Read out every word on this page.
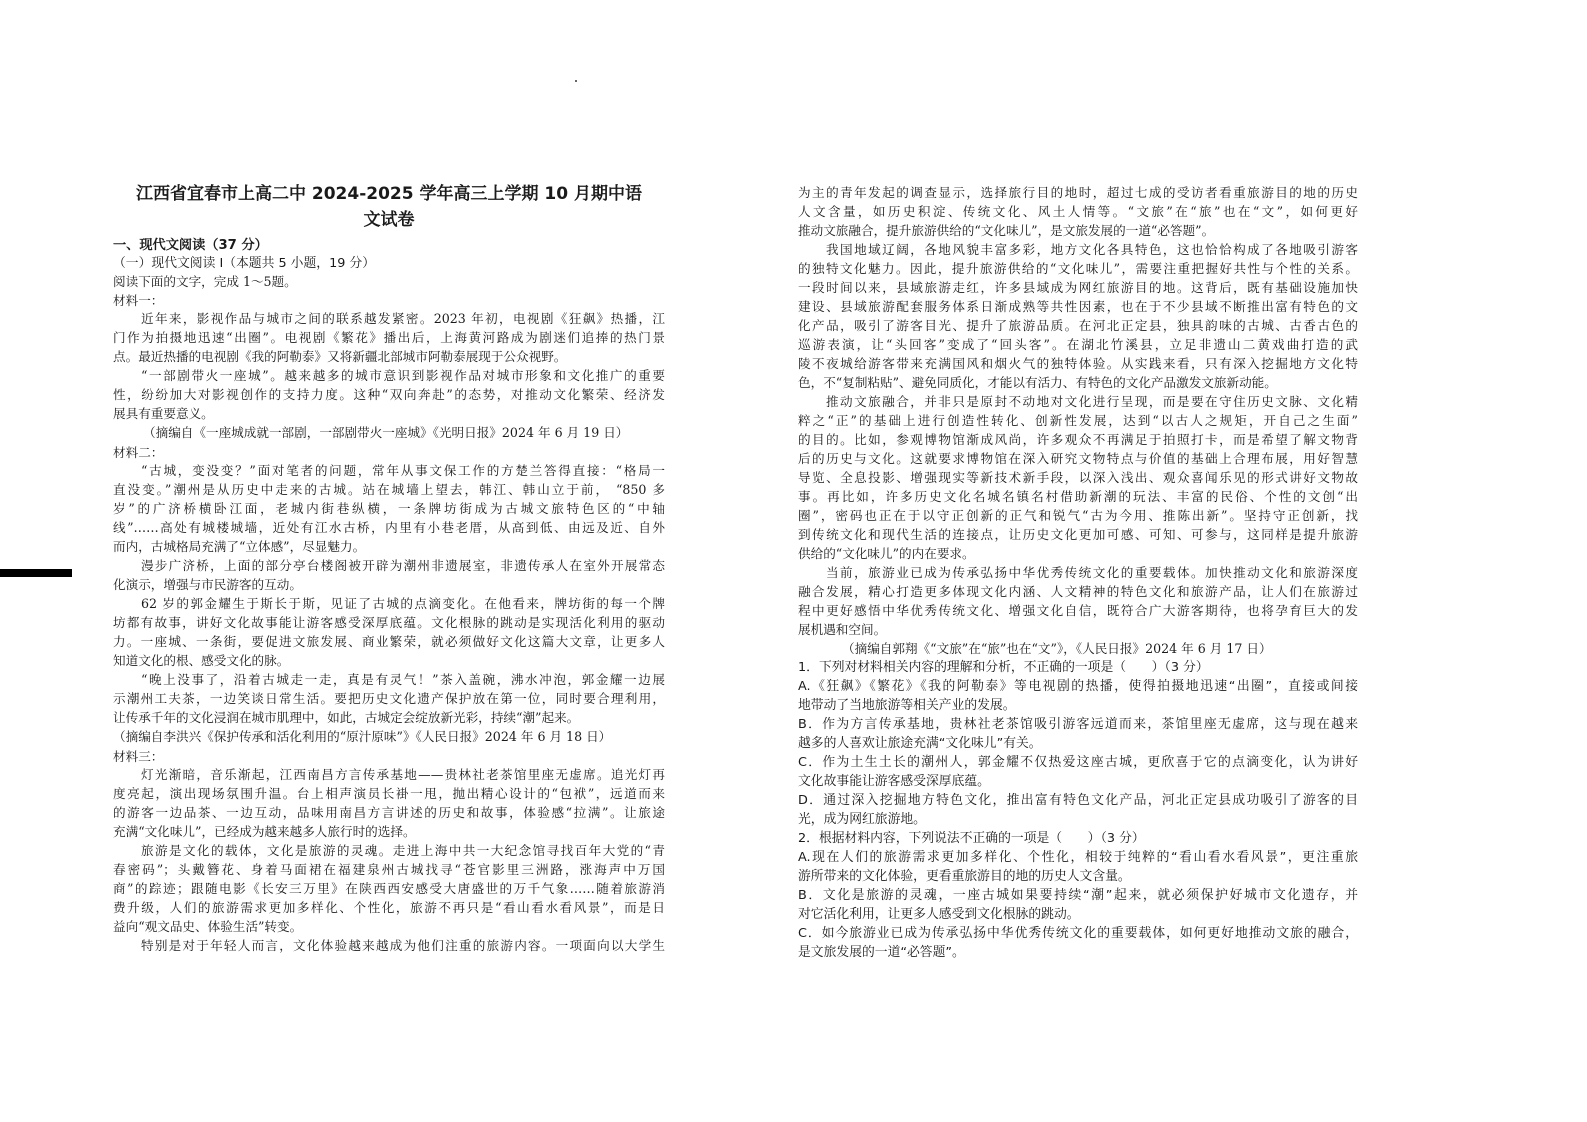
江西省宜春市上高二中 2024-2025 学年高三上学期 10 月期中语
文试卷
一、现代文阅读（37 分）
（一）现代文阅读 I（本题共 5 小题，19 分）
阅读下面的文字，完成 1～5题。
材料一：
近年来，影视作品与城市之间的联系越发紧密。2023 年初，电视剧《狂飙》热播，江
门作为拍摄地迅速“出圈”。电视剧《繁花》播出后，上海黄河路成为剧迷们追捧的热门景
点。最近热播的电视剧《我的阿勒泰》又将新疆北部城市阿勒泰展现于公众视野。
“一部剧带火一座城”。越来越多的城市意识到影视作品对城市形象和文化推广的重要
性，纷纷加大对影视创作的支持力度。这种“双向奔赴”的态势，对推动文化繁荣、经济发
展具有重要意义。
（摘编自《一座城成就一部剧，一部剧带火一座城》《光明日报》2024 年 6 月 19 日）
材料二：
“古城，变没变？”面对笔者的问题，常年从事文保工作的方楚兰答得直接：“格局一
直没变。”潮州是从历史中走来的古城。站在城墙上望去，韩江、韩山立于前， “850 多
岁”的广济桥横卧江面，老城内街巷纵横，一条牌坊街成为古城文旅特色区的“中轴
线”……高处有城楼城墙，近处有江水古桥，内里有小巷老厝，从高到低、由远及近、自外
而内，古城格局充满了“立体感”，尽显魅力。
漫步广济桥，上面的部分亭台楼阁被开辟为潮州非遗展室，非遗传承人在室外开展常态
化演示，增强与市民游客的互动。
62 岁的郭金耀生于斯长于斯，见证了古城的点滴变化。在他看来，牌坊街的每一个牌
坊都有故事，讲好文化故事能让游客感受深厚底蕴。文化根脉的跳动是实现活化利用的驱动
力。一座城、一条街，要促进文旅发展、商业繁荣，就必须做好文化这篇大文章，让更多人
知道文化的根、感受文化的脉。
“晚上没事了，沿着古城走一走，真是有灵气！”茶入盖碗，沸水冲泡，郭金耀一边展
示潮州工夫茶，一边笑谈日常生活。要把历史文化遗产保护放在第一位，同时要合理利用，
让传承千年的文化浸润在城市肌理中，如此，古城定会绽放新光彩，持续“潮”起来。
（摘编自李洪兴《保护传承和活化利用的“原汁原味”》《人民日报》2024 年 6 月 18 日）
材料三：
灯光渐暗，音乐渐起，江西南昌方言传承基地——贵林社老茶馆里座无虚席。追光灯再
度亮起，演出现场氛围升温。台上相声演员长褂一甩，抛出精心设计的“包袱”，远道而来
的游客一边品茶、一边互动，品味用南昌方言讲述的历史和故事，体验感“拉满”。让旅途
充满“文化味儿”，已经成为越来越多人旅行时的选择。
旅游是文化的载体，文化是旅游的灵魂。走进上海中共一大纪念馆寻找百年大党的“青
春密码”；头戴簪花、身着马面裙在福建泉州古城找寻“苍官影里三洲路，涨海声中万国
商”的踪迹；跟随电影《长安三万里》在陕西西安感受大唐盛世的万千气象……随着旅游消
费升级，人们的旅游需求更加多样化、个性化，旅游不再只是“看山看水看风景”，而是日
益向“观文品史、体验生活”转变。
特别是对于年轻人而言，文化体验越来越成为他们注重的旅游内容。一项面向以大学生
为主的青年发起的调查显示，选择旅行目的地时，超过七成的受访者看重旅游目的地的历史
人文含量，如历史积淀、传统文化、风土人情等。“文旅”在“旅”也在“文”，如何更好
推动文旅融合，提升旅游供给的“文化味儿”，是文旅发展的一道“必答题”。
我国地域辽阔，各地风貌丰富多彩，地方文化各具特色，这也恰恰构成了各地吸引游客
的独特文化魅力。因此，提升旅游供给的“文化味儿”，需要注重把握好共性与个性的关系。
一段时间以来，县域旅游走红，许多县域成为网红旅游目的地。这背后，既有基础设施加快
建设、县域旅游配套服务体系日渐成熟等共性因素，也在于不少县域不断推出富有特色的文
化产品，吸引了游客目光、提升了旅游品质。在河北正定县，独具韵味的古城、古香古色的
巡游表演，让“头回客”变成了“回头客”。在湖北竹溪县，立足非遗山二黄戏曲打造的武
陵不夜城给游客带来充满国风和烟火气的独特体验。从实践来看，只有深入挖掘地方文化特
色，不“复制粘贴”、避免同质化，才能以有活力、有特色的文化产品激发文旅新动能。
推动文旅融合，并非只是原封不动地对文化进行呈现，而是要在守住历史文脉、文化精
粹之“正”的基础上进行创造性转化、创新性发展，达到“以古人之规矩，开自己之生面”
的目的。比如，参观博物馆渐成风尚，许多观众不再满足于拍照打卡，而是希望了解文物背
后的历史与文化。这就要求博物馆在深入研究文物特点与价值的基础上合理布展，用好智慧
导览、全息投影、增强现实等新技术新手段，以深入浅出、观众喜闻乐见的形式讲好文物故
事。再比如，许多历史文化名城名镇名村借助新潮的玩法、丰富的民俗、个性的文创“出
圈”，密码也正在于以守正创新的正气和锐气“古为今用、推陈出新”。坚持守正创新，找
到传统文化和现代生活的连接点，让历史文化更加可感、可知、可参与，这同样是提升旅游
供给的“文化味儿”的内在要求。
当前，旅游业已成为传承弘扬中华优秀传统文化的重要载体。加快推动文化和旅游深度
融合发展，精心打造更多体现文化内涵、人文精神的特色文化和旅游产品，让人们在旅游过
程中更好感悟中华优秀传统文化、增强文化自信，既符合广大游客期待，也将孕育巨大的发
展机遇和空间。
（摘编自郭翔《“文旅”在“旅”也在“文”》，《人民日报》2024 年 6 月 17 日）
1．下列对材料相关内容的理解和分析，不正确的一项是（　　）（3 分）
A.《狂飙》《繁花》《我的阿勒泰》等电视剧的热播，使得拍摄地迅速“出圈”，直接或间接
地带动了当地旅游等相关产业的发展。
B．作为方言传承基地，贵林社老茶馆吸引游客远道而来，茶馆里座无虚席，这与现在越来
越多的人喜欢让旅途充满“文化味儿”有关。
C．作为土生土长的潮州人，郭金耀不仅热爱这座古城，更欣喜于它的点滴变化，认为讲好
文化故事能让游客感受深厚底蕴。
D．通过深入挖掘地方特色文化，推出富有特色文化产品，河北正定县成功吸引了游客的目
光，成为网红旅游地。
2．根据材料内容，下列说法不正确的一项是（　　）（3 分）
A.现在人们的旅游需求更加多样化、个性化，相较于纯粹的“看山看水看风景”，更注重旅
游所带来的文化体验，更看重旅游目的地的历史人文含量。
B．文化是旅游的灵魂，一座古城如果要持续“潮”起来，就必须保护好城市文化遗存，并
对它活化利用，让更多人感受到文化根脉的跳动。
C．如今旅游业已成为传承弘扬中华优秀传统文化的重要载体，如何更好地推动文旅的融合，
是文旅发展的一道“必答题”。
